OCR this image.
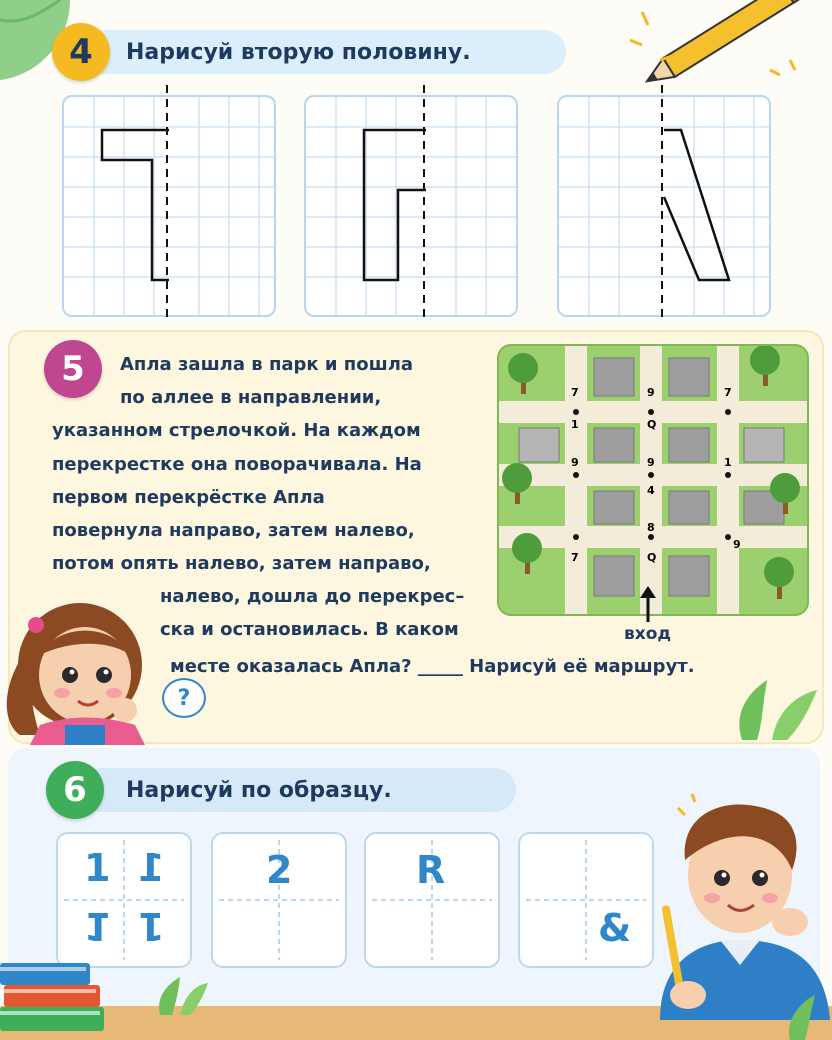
Нарисуй вторую половину.
4
5 Апла зашла в парк и пошла
по аллее в направлении,
указанном стрелочкой. На каждом
перекрестке она поворачивала. На
первом перекрёстке Апла
повернула направо, затем налево,
потом опять налево, затем направо,
налево, дошла до перекрес–
ска и остановилась. В каком
месте оказалась Апла? _____ Нарисуй её маршрут.
7	9	7
1	Q
9	9	1
4
8
Q
9
7
вход
?
Нарисуй по образцу.
6
1 1
1 1
2	R
&
